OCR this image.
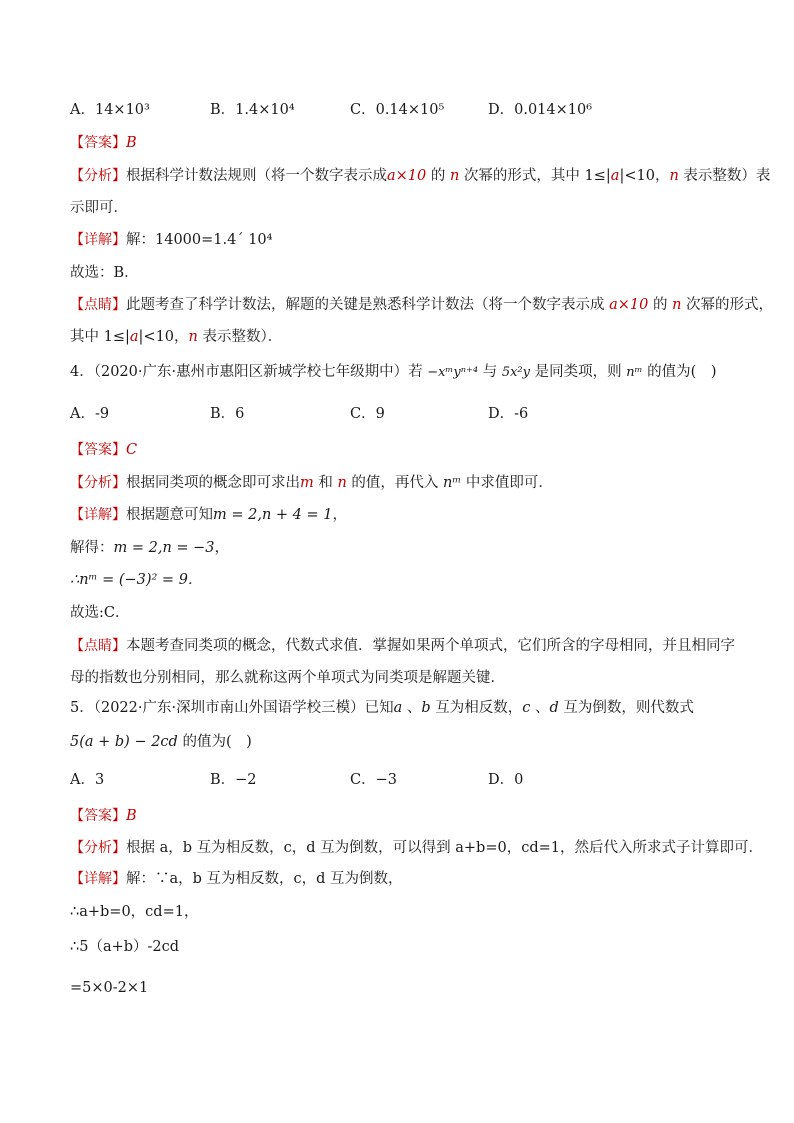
A．14×10³	B．1.4×10⁴	C．0.14×10⁵	D．0.014×10⁶
【答案】B
【分析】根据科学计数法规则（将一个数字表示成a×10 的 n 次幂的形式，其中 1≤|a|<10，n 表示整数）表
示即可．
【详解】解：14000=1.4´ 10⁴
故选：B．
【点睛】此题考查了科学计数法，解题的关键是熟悉科学计数法（将一个数字表示成 a×10 的 n 次幂的形式，
其中 1≤|a|<10，n 表示整数）．
4．（2020·广东·惠州市惠阳区新城学校七年级期中）若 −xᵐyⁿ⁺⁴ 与 5x²y 是同类项，则 nᵐ 的值为(　)
A．-9	B．6	C．9	D．-6
【答案】C
【分析】根据同类项的概念即可求出m 和 n 的值，再代入 nᵐ 中求值即可．
【详解】根据题意可知m = 2,n + 4 = 1，
解得：m = 2,n = −3，
∴nᵐ = (−3)² = 9．
故选:C．
【点睛】本题考查同类项的概念，代数式求值．掌握如果两个单项式，它们所含的字母相同，并且相同字
母的指数也分别相同，那么就称这两个单项式为同类项是解题关键．
5．（2022·广东·深圳市南山外国语学校三模）已知a 、b 互为相反数，c 、d 互为倒数，则代数式
5(a + b) − 2cd 的值为(　)
A．3	B．−2	C．−3	D．0
【答案】B
【分析】根据 a，b 互为相反数，c，d 互为倒数，可以得到 a+b=0，cd=1，然后代入所求式子计算即可．
【详解】解：∵a，b 互为相反数，c，d 互为倒数，
∴a+b=0，cd=1，
∴5（a+b）-2cd
=5×0-2×1
